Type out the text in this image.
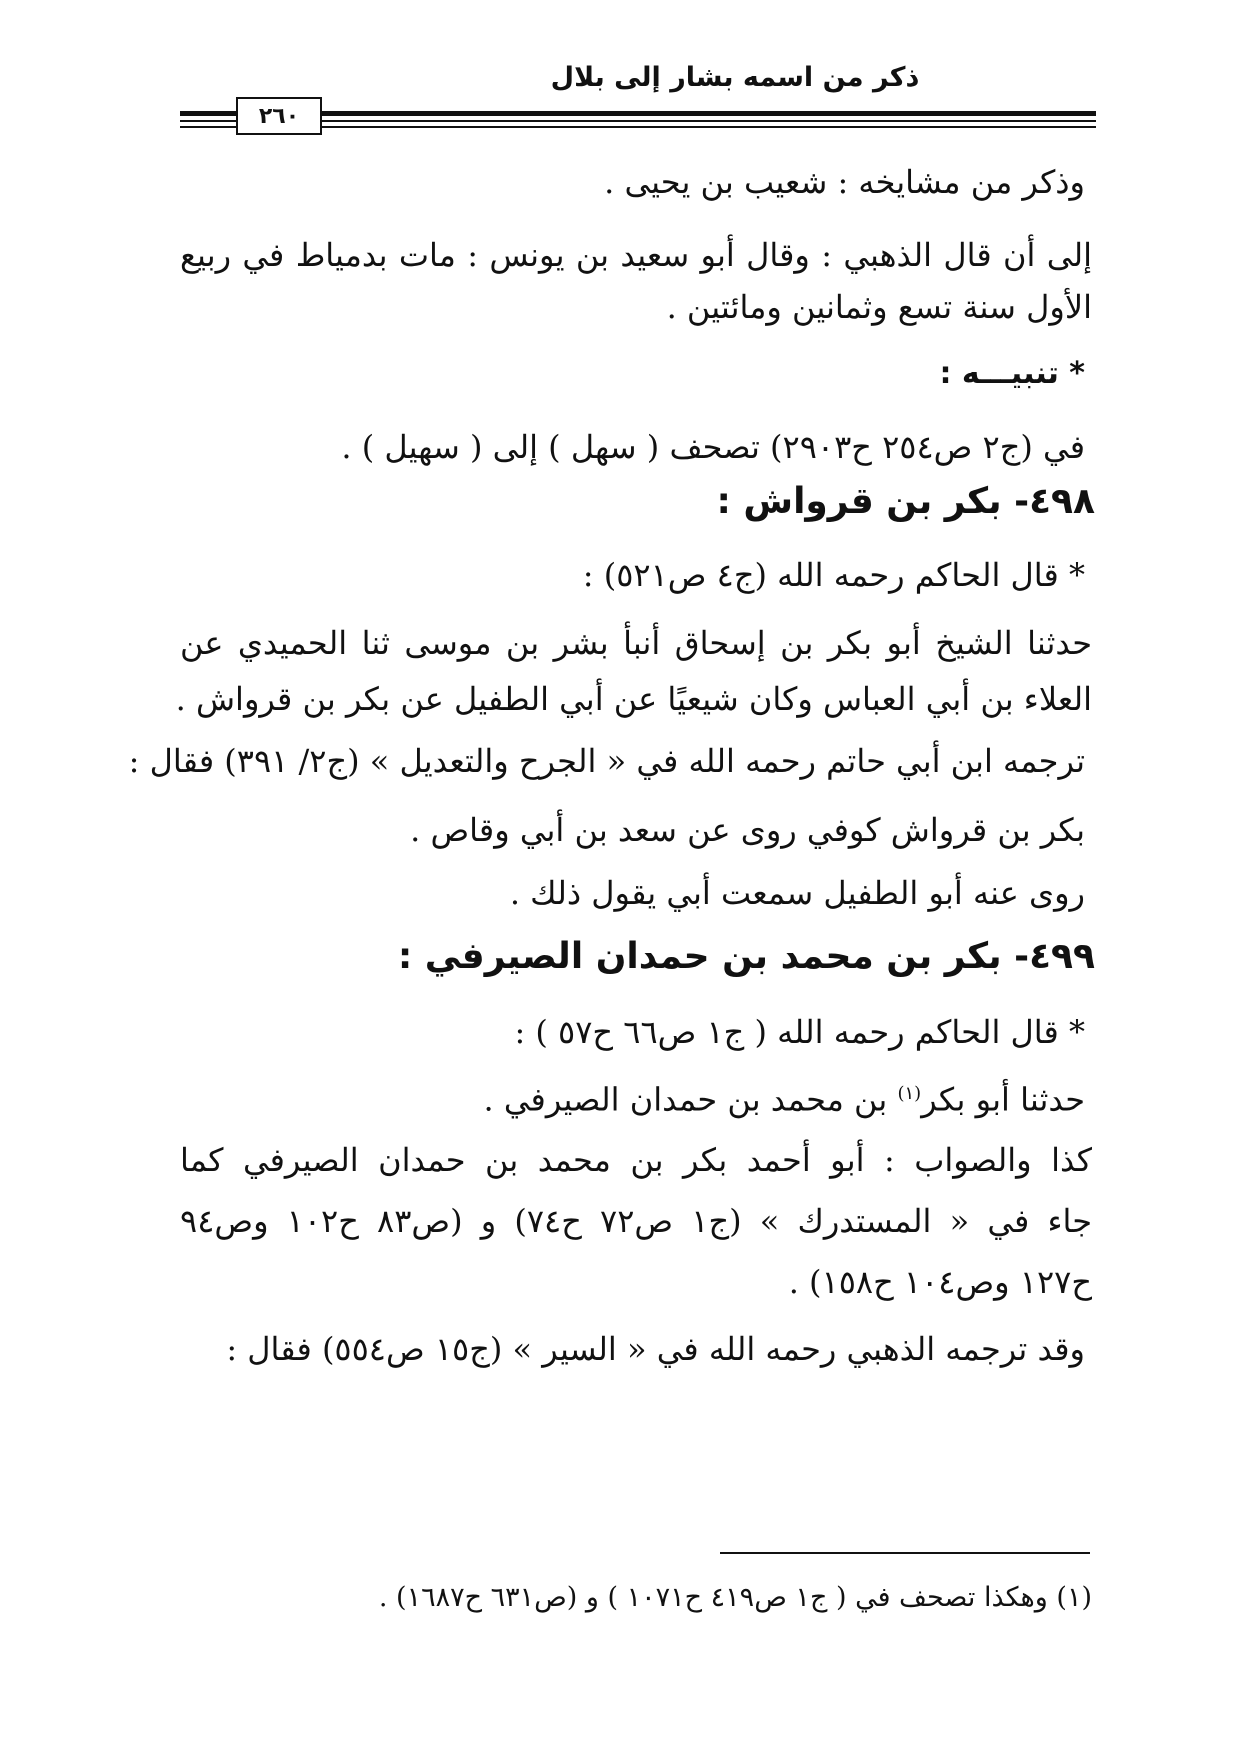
ذكر من اسمه بشار إلى بلال
٢٦٠
وذكر من مشايخه : شعيب بن يحيى .
إلى أن قال الذهبي : وقال أبو سعيد بن يونس : مات بدمياط في ربيع
الأول سنة تسع وثمانين ومائتين .
* تنبيـــه :
في (ج٢ ص٢٥٤ ح٢٩٠٣) تصحف ( سهل ) إلى ( سهيل ) .
٤٩٨- بكر بن قرواش :
* قال الحاكم رحمه الله (ج٤ ص٥٢١) :
حدثنا الشيخ أبو بكر بن إسحاق أنبأ بشر بن موسى ثنا الحميدي عن
العلاء بن أبي العباس وكان شيعيًا عن أبي الطفيل عن بكر بن قرواش .
ترجمه ابن أبي حاتم رحمه الله في « الجرح والتعديل » (ج٢/ ٣٩١) فقال :
بكر بن قرواش كوفي روى عن سعد بن أبي وقاص .
روى عنه أبو الطفيل سمعت أبي يقول ذلك .
٤٩٩- بكر بن محمد بن حمدان الصيرفي :
* قال الحاكم رحمه الله ( ج١ ص٦٦ ح٥٧ ) :
حدثنا أبو بكر$^{(١)}$ بن محمد بن حمدان الصيرفي .
كذا والصواب : أبو أحمد بكر بن محمد بن حمدان الصيرفي كما
جاء في « المستدرك » (ج١ ص٧٢ ح٧٤) و (ص٨٣ ح١٠٢ وص٩٤
ح١٢٧ وص١٠٤ ح١٥٨) .
وقد ترجمه الذهبي رحمه الله في « السير » (ج١٥ ص٥٥٤) فقال :
(١) وهكذا تصحف في ( ج١ ص٤١٩ ح١٠٧١ ) و (ص٦٣١ ح١٦٨٧) .
